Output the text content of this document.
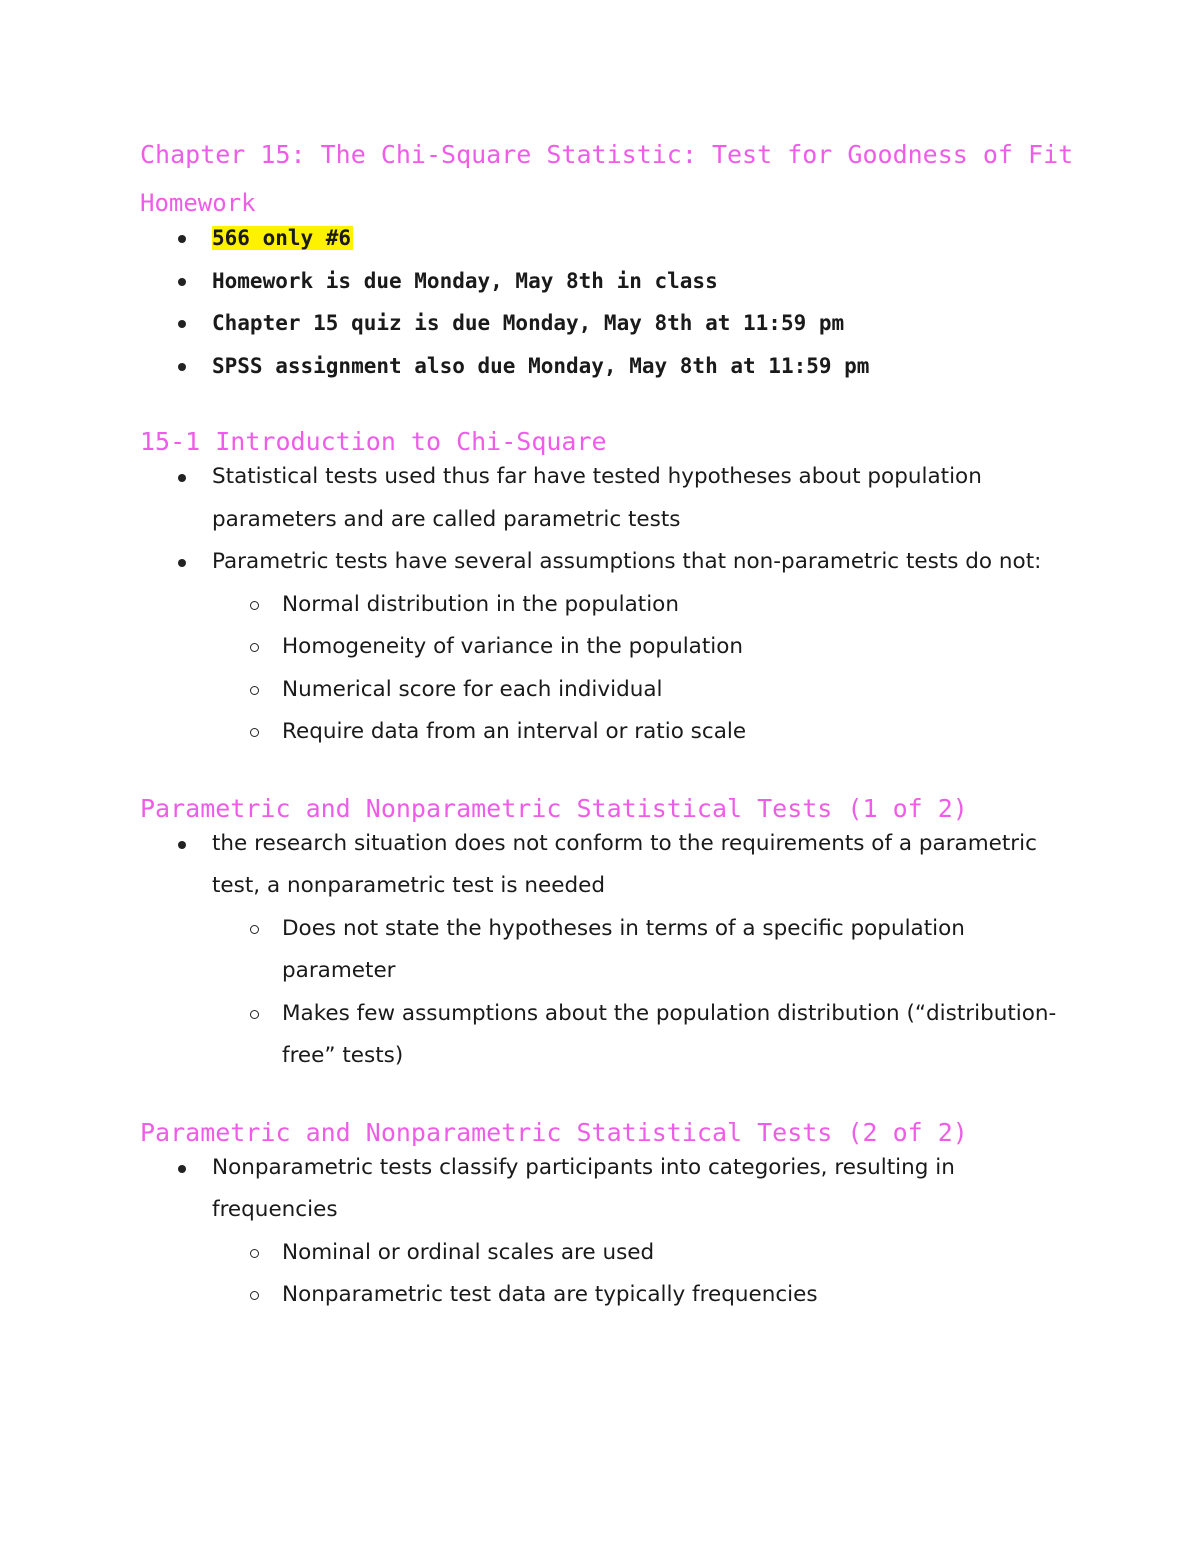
Chapter 15: The Chi-Square Statistic: Test for Goodness of Fit
Homework
566 only #6
Homework is due Monday, May 8th in class
Chapter 15 quiz is due Monday, May 8th at 11:59 pm
SPSS assignment also due Monday, May 8th at 11:59 pm
15-1 Introduction to Chi-Square
Statistical tests used thus far have tested hypotheses about population parameters and are called parametric tests
Parametric tests have several assumptions that non-parametric tests do not:
Normal distribution in the population
Homogeneity of variance in the population
Numerical score for each individual
Require data from an interval or ratio scale
Parametric and Nonparametric Statistical Tests (1 of 2)
the research situation does not conform to the requirements of a parametric test, a nonparametric test is needed
Does not state the hypotheses in terms of a specific population parameter
Makes few assumptions about the population distribution (“distribution-free” tests)
Parametric and Nonparametric Statistical Tests (2 of 2)
Nonparametric tests classify participants into categories, resulting in frequencies
Nominal or ordinal scales are used
Nonparametric test data are typically frequencies
